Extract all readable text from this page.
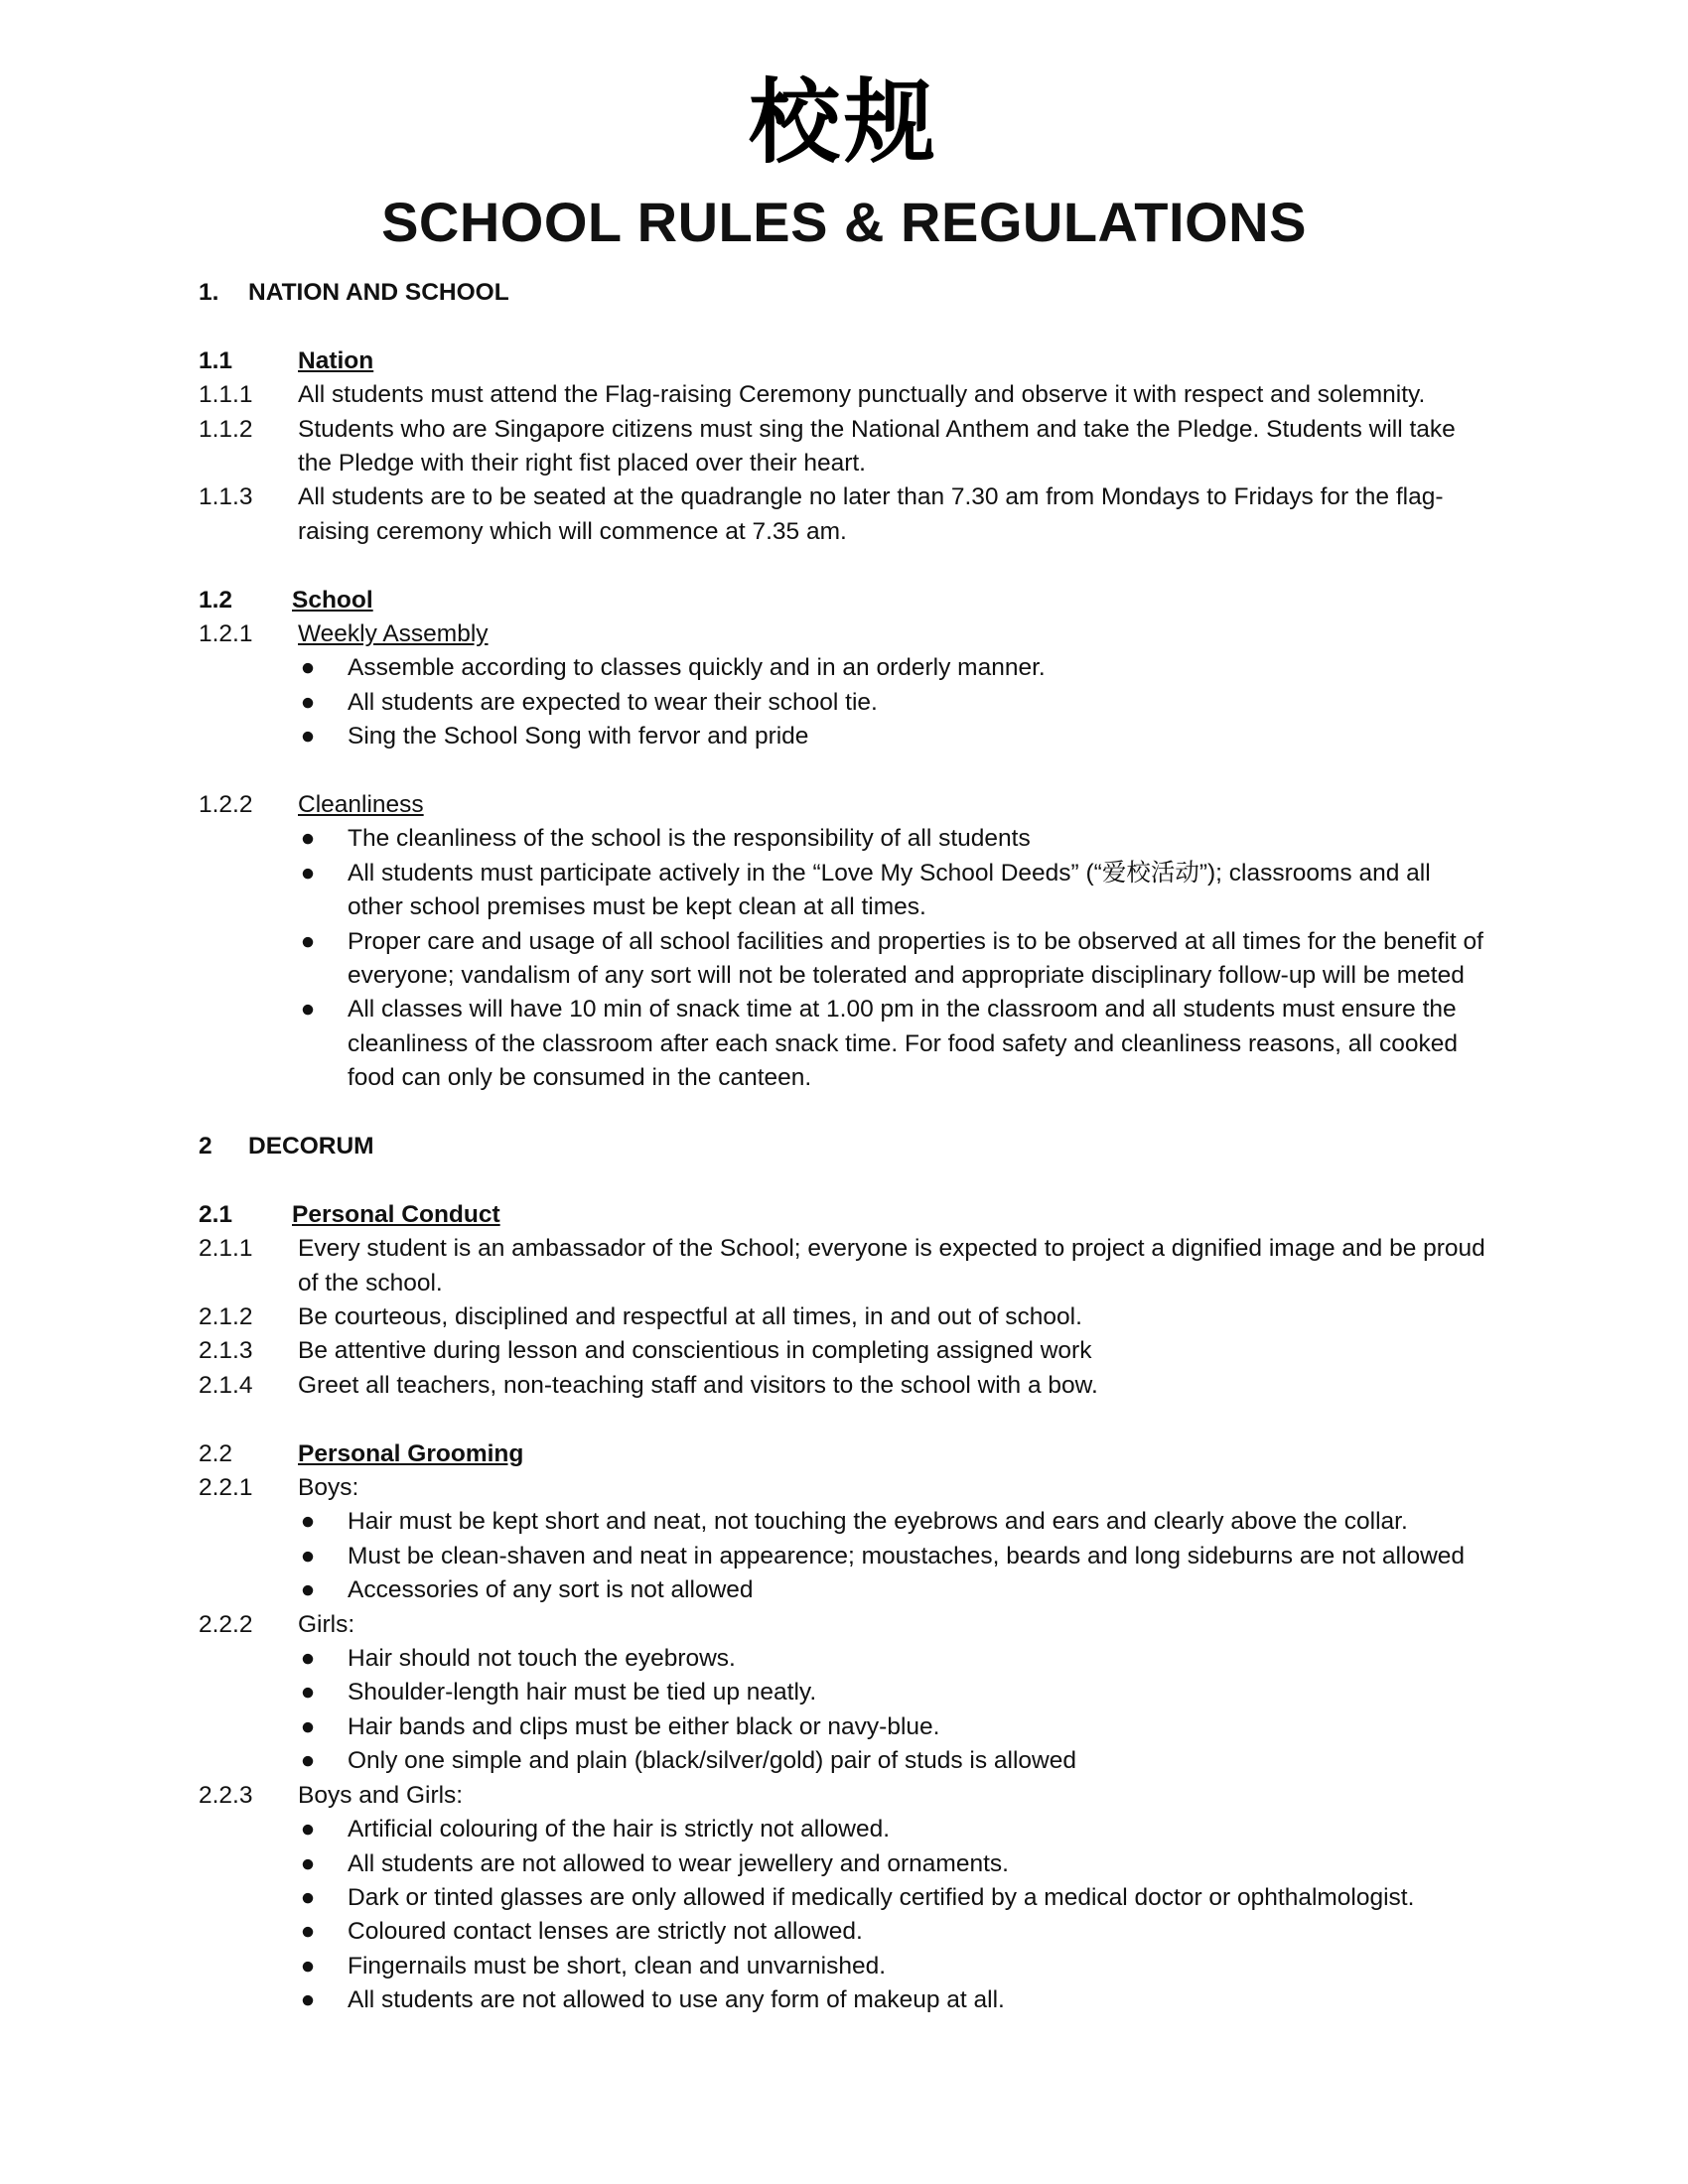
校规
SCHOOL RULES & REGULATIONS
1. NATION AND SCHOOL
1.1	Nation
1.1.1 All students must attend the Flag-raising Ceremony punctually and observe it with respect and solemnity.
1.1.2 Students who are Singapore citizens must sing the National Anthem and take the Pledge. Students will take the Pledge with their right fist placed over their heart.
1.1.3 All students are to be seated at the quadrangle no later than 7.30 am from Mondays to Fridays for the flag-raising ceremony which will commence at 7.35 am.
1.2 School
1.2.1 Weekly Assembly
● Assemble according to classes quickly and in an orderly manner.
● All students are expected to wear their school tie.
● Sing the School Song with fervor and pride
1.2.2 Cleanliness
● The cleanliness of the school is the responsibility of all students
● All students must participate actively in the “Love My School Deeds” (“爱校活动”); classrooms and all other school premises must be kept clean at all times.
● Proper care and usage of all school facilities and properties is to be observed at all times for the benefit of everyone; vandalism of any sort will not be tolerated and appropriate disciplinary follow-up will be meted
● All classes will have 10 min of snack time at 1.00 pm in the classroom and all students must ensure the cleanliness of the classroom after each snack time. For food safety and cleanliness reasons, all cooked food can only be consumed in the canteen.
2 DECORUM
2.1 Personal Conduct
2.1.1 Every student is an ambassador of the School; everyone is expected to project a dignified image and be proud of the school.
2.1.2 Be courteous, disciplined and respectful at all times, in and out of school.
2.1.3 Be attentive during lesson and conscientious in completing assigned work
2.1.4 Greet all teachers, non-teaching staff and visitors to the school with a bow.
2.2	Personal Grooming
2.2.1 Boys:
● Hair must be kept short and neat, not touching the eyebrows and ears and clearly above the collar.
● Must be clean-shaven and neat in appearence; moustaches, beards and long sideburns are not allowed
● Accessories of any sort is not allowed
2.2.2 Girls:
● Hair should not touch the eyebrows.
● Shoulder-length hair must be tied up neatly.
● Hair bands and clips must be either black or navy-blue.
● Only one simple and plain (black/silver/gold) pair of studs is allowed
2.2.3 Boys and Girls:
● Artificial colouring of the hair is strictly not allowed.
● All students are not allowed to wear jewellery and ornaments.
● Dark or tinted glasses are only allowed if medically certified by a medical doctor or ophthalmologist.
● Coloured contact lenses are strictly not allowed.
● Fingernails must be short, clean and unvarnished.
● All students are not allowed to use any form of makeup at all.
